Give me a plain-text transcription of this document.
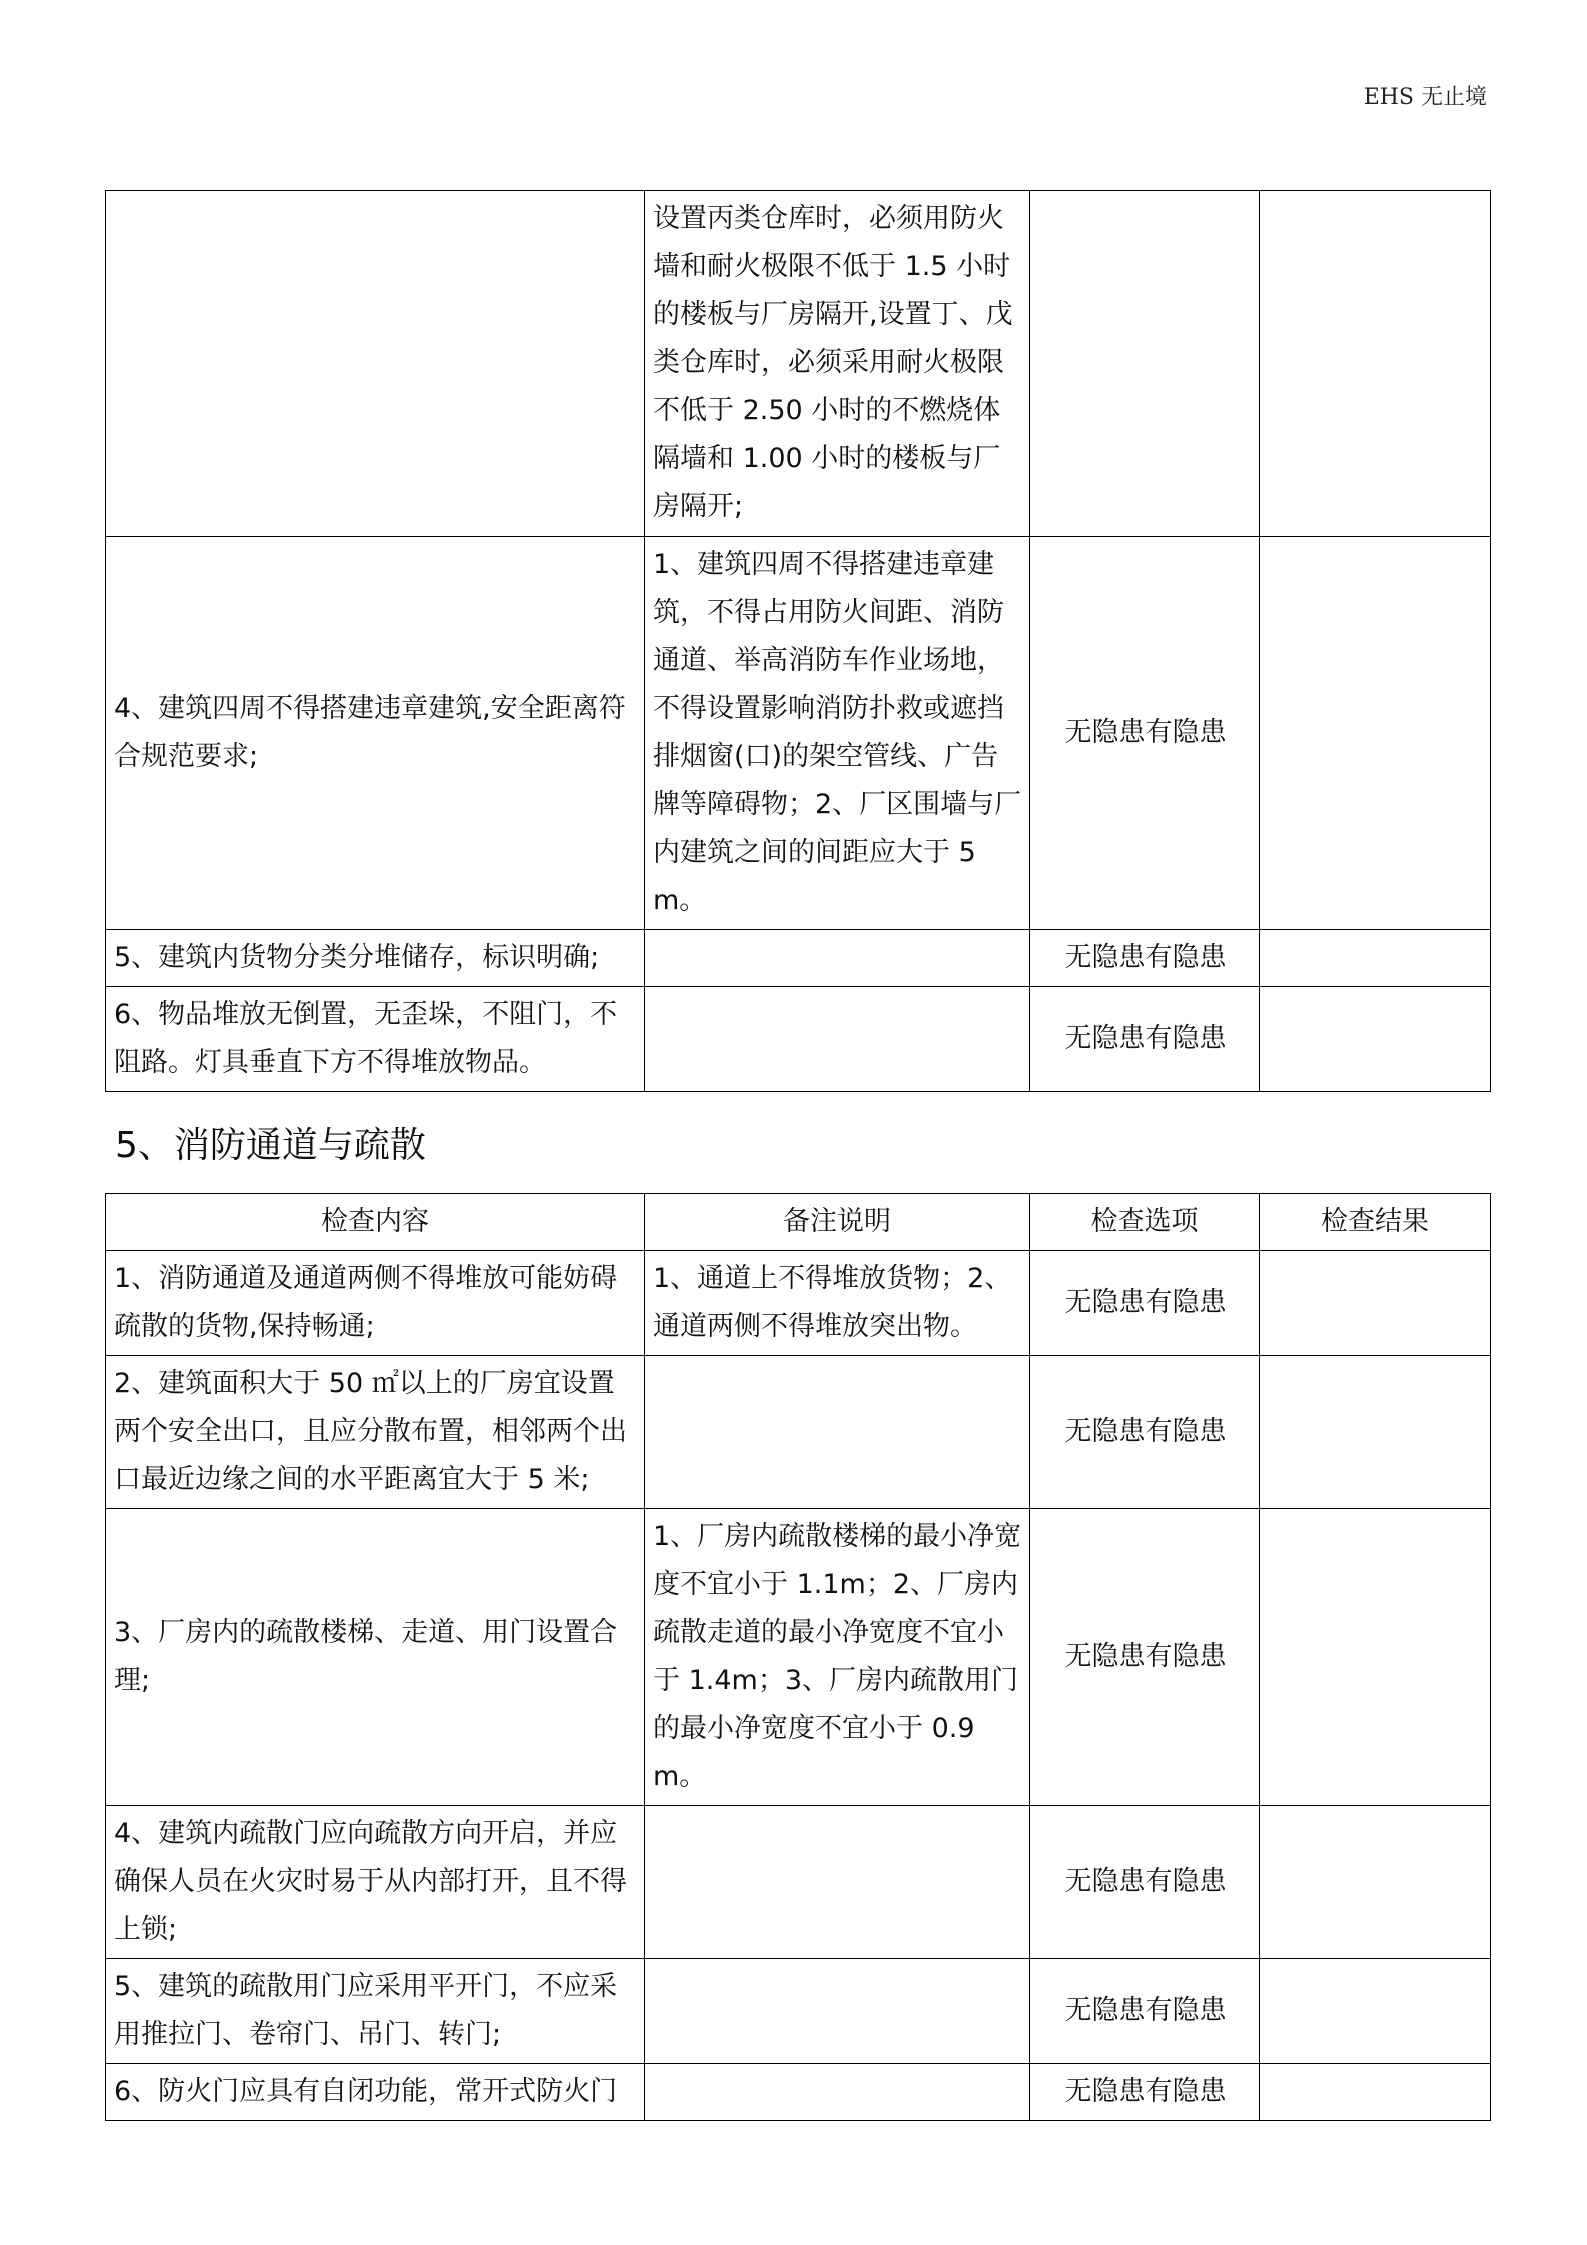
EHS 无止境
	设置丙类仓库时，必须用防火墙和耐火极限不低于 1.5 小时的楼板与厂房隔开,设置丁、戊类仓库时，必须采用耐火极限不低于 2.50 小时的不燃烧体隔墙和 1.00 小时的楼板与厂房隔开;		
4、建筑四周不得搭建违章建筑,安全距离符合规范要求;	1、建筑四周不得搭建违章建筑，不得占用防火间距、消防通道、举高消防车作业场地，不得设置影响消防扑救或遮挡排烟窗(口)的架空管线、广告牌等障碍物；2、厂区围墙与厂内建筑之间的间距应大于 5m。	无隐患有隐患	
5、建筑内货物分类分堆储存，标识明确;		无隐患有隐患	
6、物品堆放无倒置，无歪垛，不阻门，不阻路。灯具垂直下方不得堆放物品。		无隐患有隐患	
5、消防通道与疏散
检查内容	备注说明	检查选项	检查结果
1、消防通道及通道两侧不得堆放可能妨碍疏散的货物,保持畅通;	1、通道上不得堆放货物；2、通道两侧不得堆放突出物。	无隐患有隐患	
2、建筑面积大于 50 ㎡以上的厂房宜设置两个安全出口，且应分散布置，相邻两个出口最近边缘之间的水平距离宜大于 5 米;		无隐患有隐患	
3、厂房内的疏散楼梯、走道、用门设置合理;	1、厂房内疏散楼梯的最小净宽度不宜小于 1.1m；2、厂房内疏散走道的最小净宽度不宜小于 1.4m；3、厂房内疏散用门的最小净宽度不宜小于 0.9m。	无隐患有隐患	
4、建筑内疏散门应向疏散方向开启，并应确保人员在火灾时易于从内部打开，且不得上锁;		无隐患有隐患	
5、建筑的疏散用门应采用平开门，不应采用推拉门、卷帘门、吊门、转门;		无隐患有隐患	
6、防火门应具有自闭功能，常开式防火门		无隐患有隐患	
